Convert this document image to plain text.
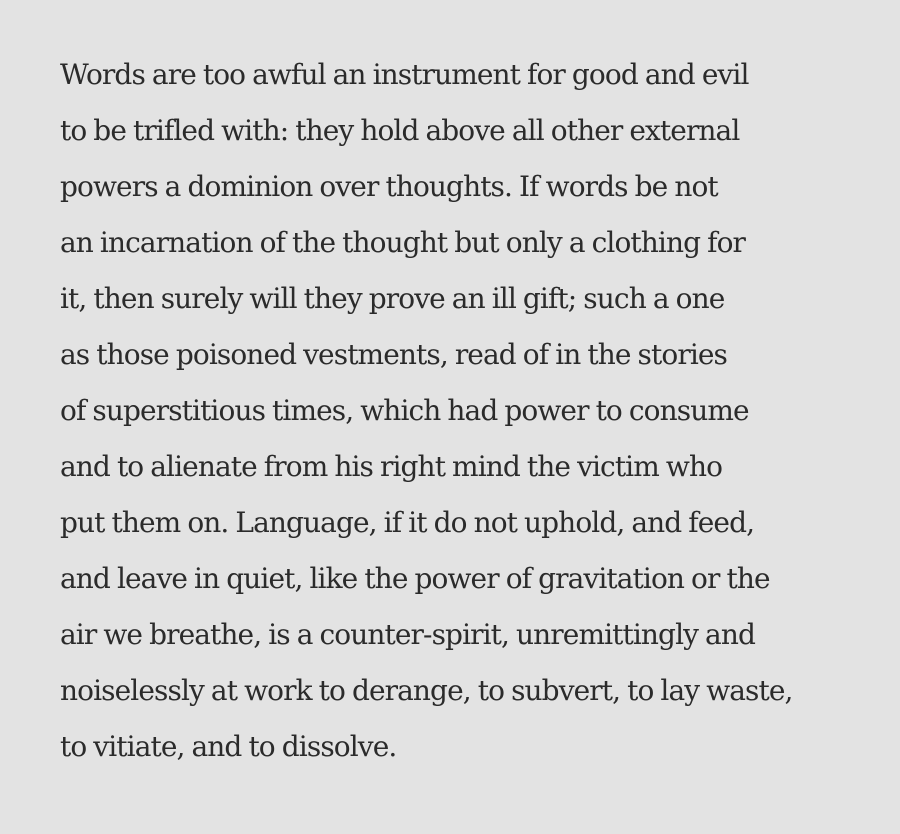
Words are too awful an instrument for good and evil
to be trifled with: they hold above all other external
powers a dominion over thoughts. If words be not
an incarnation of the thought but only a clothing for
it, then surely will they prove an ill gift; such a one
as those poisoned vestments, read of in the stories
of superstitious times, which had power to consume
and to alienate from his right mind the victim who
put them on. Language, if it do not uphold, and feed,
and leave in quiet, like the power of gravitation or the
air we breathe, is a counter-spirit, unremittingly and
noiselessly at work to derange, to subvert, to lay waste,
to vitiate, and to dissolve.
